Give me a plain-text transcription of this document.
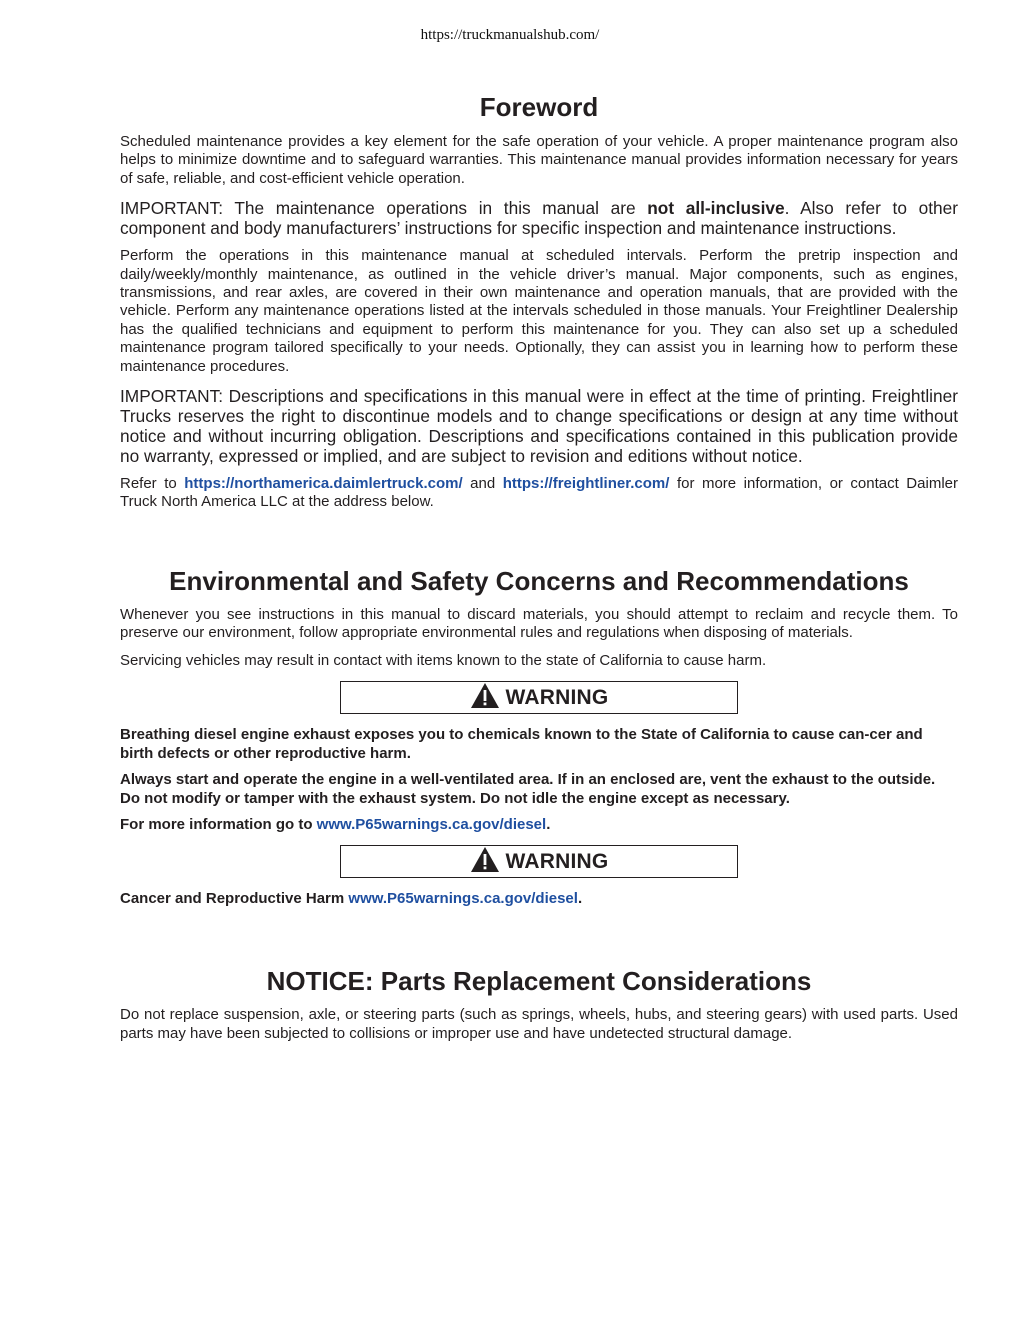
https://truckmanualshub.com/
Foreword

Scheduled maintenance provides a key element for the safe operation of your vehicle. A proper maintenance program also helps to minimize downtime and to safeguard warranties. This maintenance manual provides information necessary for years of safe, reliable, and cost-efficient vehicle operation.

IMPORTANT: The maintenance operations in this manual are not all-inclusive. Also refer to other component and body manufacturers’ instructions for specific inspection and maintenance instructions.

Perform the operations in this maintenance manual at scheduled intervals. Perform the pretrip inspection and daily/weekly/monthly maintenance, as outlined in the vehicle driver’s manual. Major components, such as engines, transmissions, and rear axles, are covered in their own maintenance and operation manuals, that are provided with the vehicle. Perform any maintenance operations listed at the intervals scheduled in those manuals. Your Freightliner Dealership has the qualified technicians and equipment to perform this maintenance for you. They can also set up a scheduled maintenance program tailored specifically to your needs. Optionally, they can assist you in learning how to perform these maintenance procedures.

IMPORTANT: Descriptions and specifications in this manual were in effect at the time of printing. Freightliner Trucks reserves the right to discontinue models and to change specifications or design at any time without notice and without incurring obligation. Descriptions and specifications contained in this publication provide no warranty, expressed or implied, and are subject to revision and editions without notice.

Refer to https://northamerica.daimlertruck.com/ and https://freightliner.com/ for more information, or contact Daimler Truck North America LLC at the address below.

Environmental and Safety Concerns and Recommendations

Whenever you see instructions in this manual to discard materials, you should attempt to reclaim and recycle them. To preserve our environment, follow appropriate environmental rules and regulations when disposing of materials.

Servicing vehicles may result in contact with items known to the state of California to cause harm.

WARNING

Breathing diesel engine exhaust exposes you to chemicals known to the State of California to cause can-cer and birth defects or other reproductive harm.

Always start and operate the engine in a well-ventilated area. If in an enclosed are, vent the exhaust to the outside. Do not modify or tamper with the exhaust system. Do not idle the engine except as necessary.

For more information go to www.P65warnings.ca.gov/diesel.

WARNING

Cancer and Reproductive Harm www.P65warnings.ca.gov/diesel.

NOTICE: Parts Replacement Considerations

Do not replace suspension, axle, or steering parts (such as springs, wheels, hubs, and steering gears) with used parts. Used parts may have been subjected to collisions or improper use and have undetected structural damage.
